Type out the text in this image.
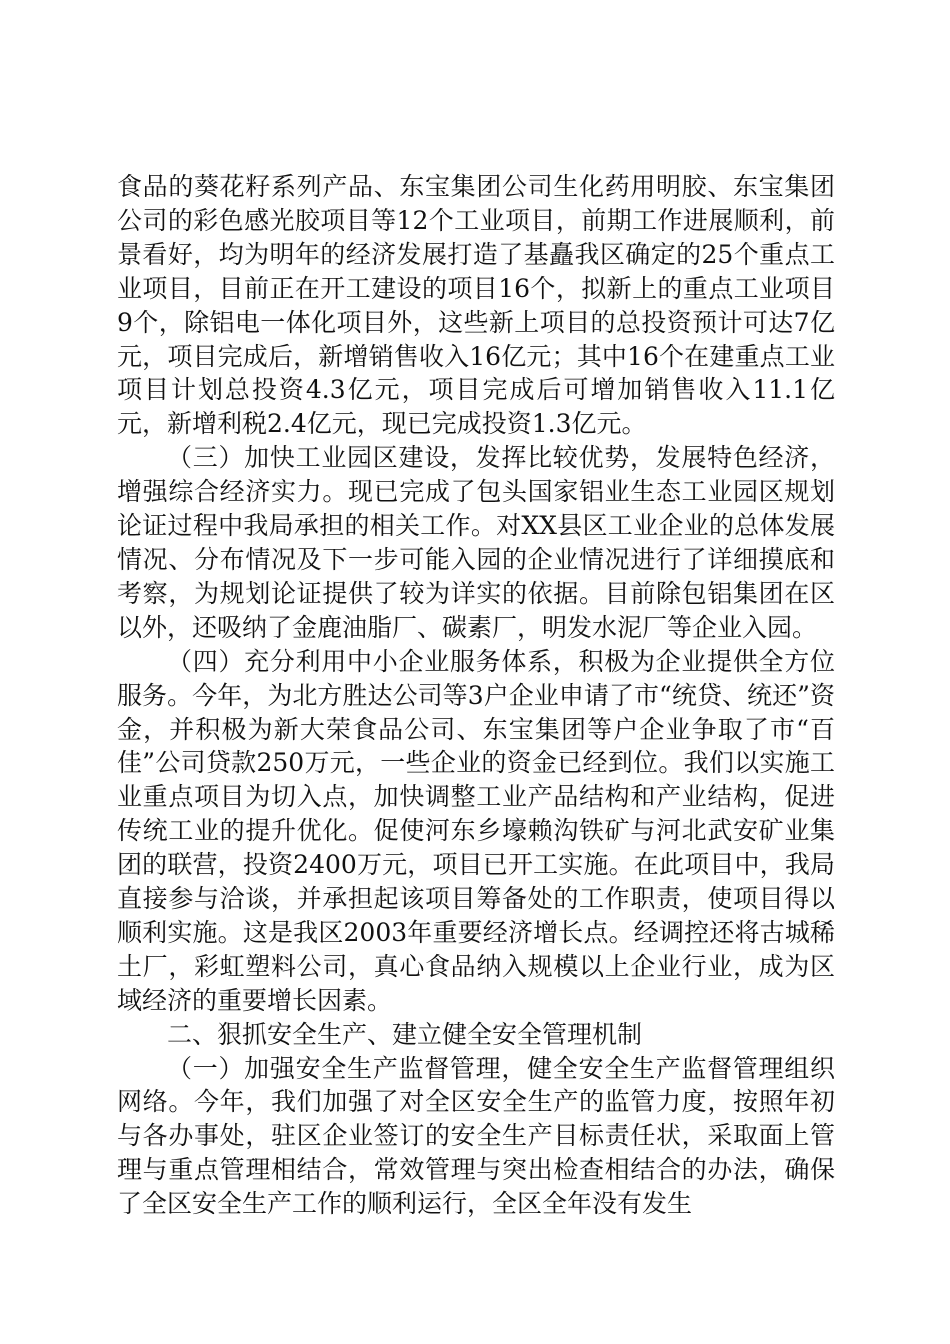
食品的葵花籽系列产品、东宝集团公司生化药用明胶、东宝集团公司的彩色感光胶项目等12个工业项目，前期工作进展顺利，前景看好，均为明年的经济发展打造了基矗我区确定的25个重点工业项目，目前正在开工建设的项目16个，拟新上的重点工业项目9个，除铝电一体化项目外，这些新上项目的总投资预计可达7亿元，项目完成后，新增销售收入16亿元；其中16个在建重点工业项目计划总投资4.3亿元，项目完成后可增加销售收入11.1亿元，新增利税2.4亿元，现已完成投资1.3亿元。

（三）加快工业园区建设，发挥比较优势，发展特色经济，增强综合经济实力。现已完成了包头国家铝业生态工业园区规划论证过程中我局承担的相关工作。对XX县区工业企业的总体发展情况、分布情况及下一步可能入园的企业情况进行了详细摸底和考察，为规划论证提供了较为详实的依据。目前除包铝集团在区以外，还吸纳了金鹿油脂厂、碳素厂，明发水泥厂等企业入园。

（四）充分利用中小企业服务体系，积极为企业提供全方位服务。今年，为北方胜达公司等3户企业申请了市“统贷、统还”资金，并积极为新大荣食品公司、东宝集团等户企业争取了市“百佳”公司贷款250万元，一些企业的资金已经到位。我们以实施工业重点项目为切入点，加快调整工业产品结构和产业结构，促进传统工业的提升优化。促使河东乡壕赖沟铁矿与河北武安矿业集团的联营，投资2400万元，项目已开工实施。在此项目中，我局直接参与洽谈，并承担起该项目筹备处的工作职责，使项目得以顺利实施。这是我区2003年重要经济增长点。经调控还将古城稀土厂，彩虹塑料公司，真心食品纳入规模以上企业行业，成为区域经济的重要增长因素。

二、狠抓安全生产、建立健全安全管理机制

（一）加强安全生产监督管理，健全安全生产监督管理组织网络。今年，我们加强了对全区安全生产的监管力度，按照年初与各办事处，驻区企业签订的安全生产目标责任状，采取面上管理与重点管理相结合，常效管理与突出检查相结合的办法，确保了全区安全生产工作的顺利运行，全区全年没有发生
